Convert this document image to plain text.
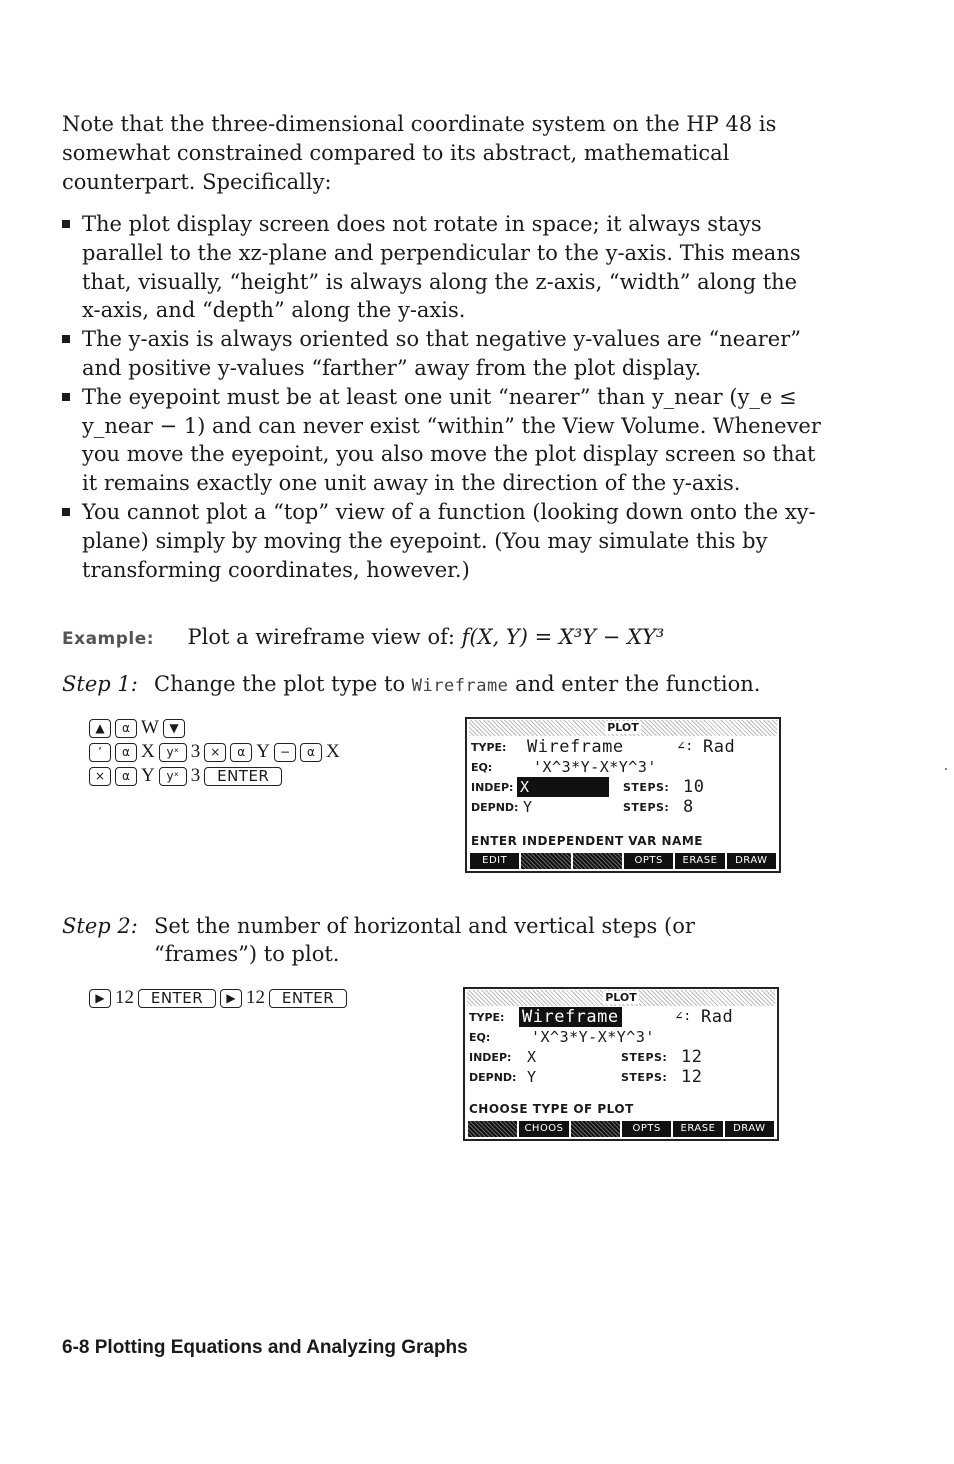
Note that the three-dimensional coordinate system on the HP 48 is somewhat constrained compared to its abstract, mathematical counterpart. Specifically:
The plot display screen does not rotate in space; it always stays parallel to the xz-plane and perpendicular to the y-axis. This means that, visually, “height” is always along the z-axis, “width” along the x-axis, and “depth” along the y-axis.
The y-axis is always oriented so that negative y-values are “nearer” and positive y-values “farther” away from the plot display.
The eyepoint must be at least one unit “nearer” than y_near (y_e ≤ y_near − 1) and can never exist “within” the View Volume. Whenever you move the eyepoint, you also move the plot display screen so that it remains exactly one unit away in the direction of the y-axis.
You cannot plot a “top” view of a function (looking down onto the xy-plane) simply by moving the eyepoint. (You may simulate this by transforming coordinates, however.)
Example: Plot a wireframe view of: f(X, Y) = X³Y − XY³
Step 1: Change the plot type to Wireframe and enter the function.
▲	α W ▼
’	α X yˣ 3 ×	α Y −	α X
×	α Y yˣ 3	ENTER
PLOT
TYPE: Wireframe	∠: Rad
EQ:	'X^3*Y-X*Y^3'
INDEP: X	STEPS: 10
DEPND: Y	STEPS: 8
ENTER INDEPENDENT VAR NAME
EDIT	OPTS	ERASE	DRAW
Step 2: Set the number of horizontal and vertical steps (or “frames”) to plot.
▶ 12	ENTER	▶ 12	ENTER	PLOT
TYPE: Wireframe	∠: Rad
EQ:	'X^3*Y-X*Y^3'
INDEP: X	STEPS: 12
DEPND: Y	STEPS: 12
CHOOSE TYPE OF PLOT
CHOOS	OPTS	ERASE	DRAW
6-8 Plotting Equations and Analyzing Graphs
